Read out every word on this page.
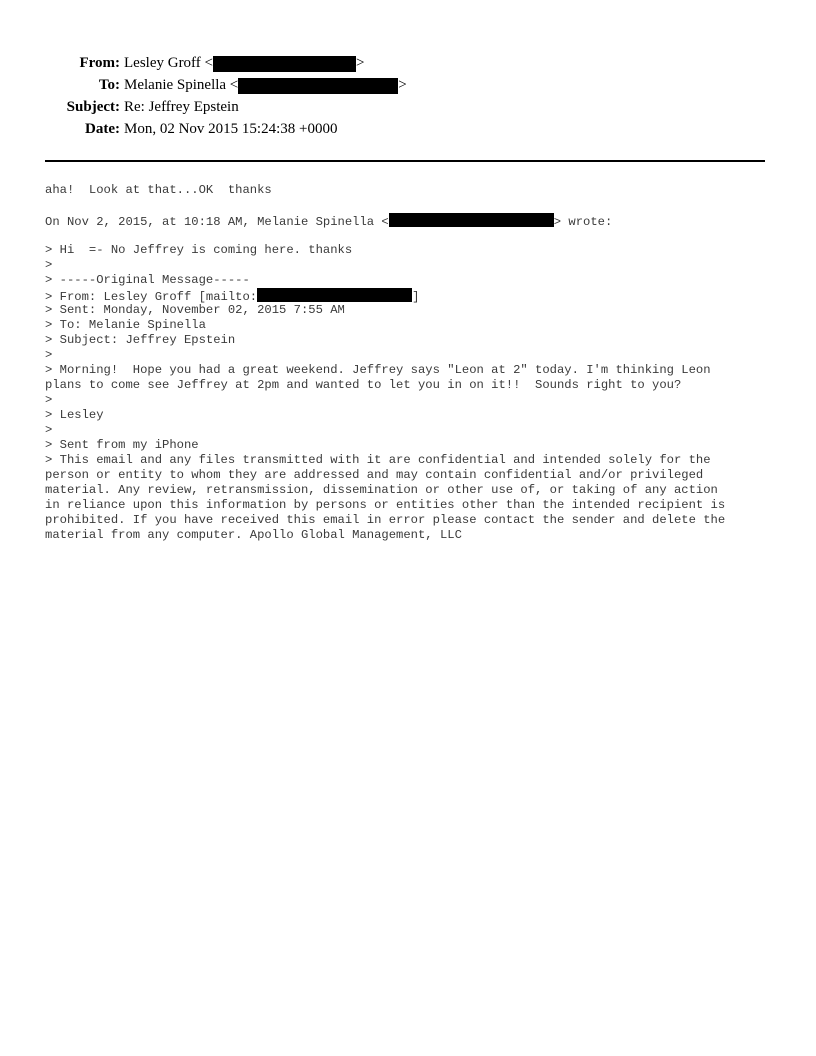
From: Lesley Groff <	>
To: Melanie Spinella <	>
Subject: Re: Jeffrey Epstein
Date: Mon, 02 Nov 2015 15:24:38 +0000
aha!  Look at that...OK  thanks
On Nov 2, 2015, at 10:18 AM, Melanie Spinella <	> wrote:
> Hi  =- No Jeffrey is coming here. thanks
>
> -----Original Message-----
> From: Lesley Groff [mailto:	]
> Sent: Monday, November 02, 2015 7:55 AM
> To: Melanie Spinella
> Subject: Jeffrey Epstein
>
> Morning!  Hope you had a great weekend. Jeffrey says "Leon at 2" today. I'm thinking Leon
plans to come see Jeffrey at 2pm and wanted to let you in on it!!  Sounds right to you?
>
> Lesley
>
> Sent from my iPhone
> This email and any files transmitted with it are confidential and intended solely for the
person or entity to whom they are addressed and may contain confidential and/or privileged
material. Any review, retransmission, dissemination or other use of, or taking of any action
in reliance upon this information by persons or entities other than the intended recipient is
prohibited. If you have received this email in error please contact the sender and delete the
material from any computer. Apollo Global Management, LLC
